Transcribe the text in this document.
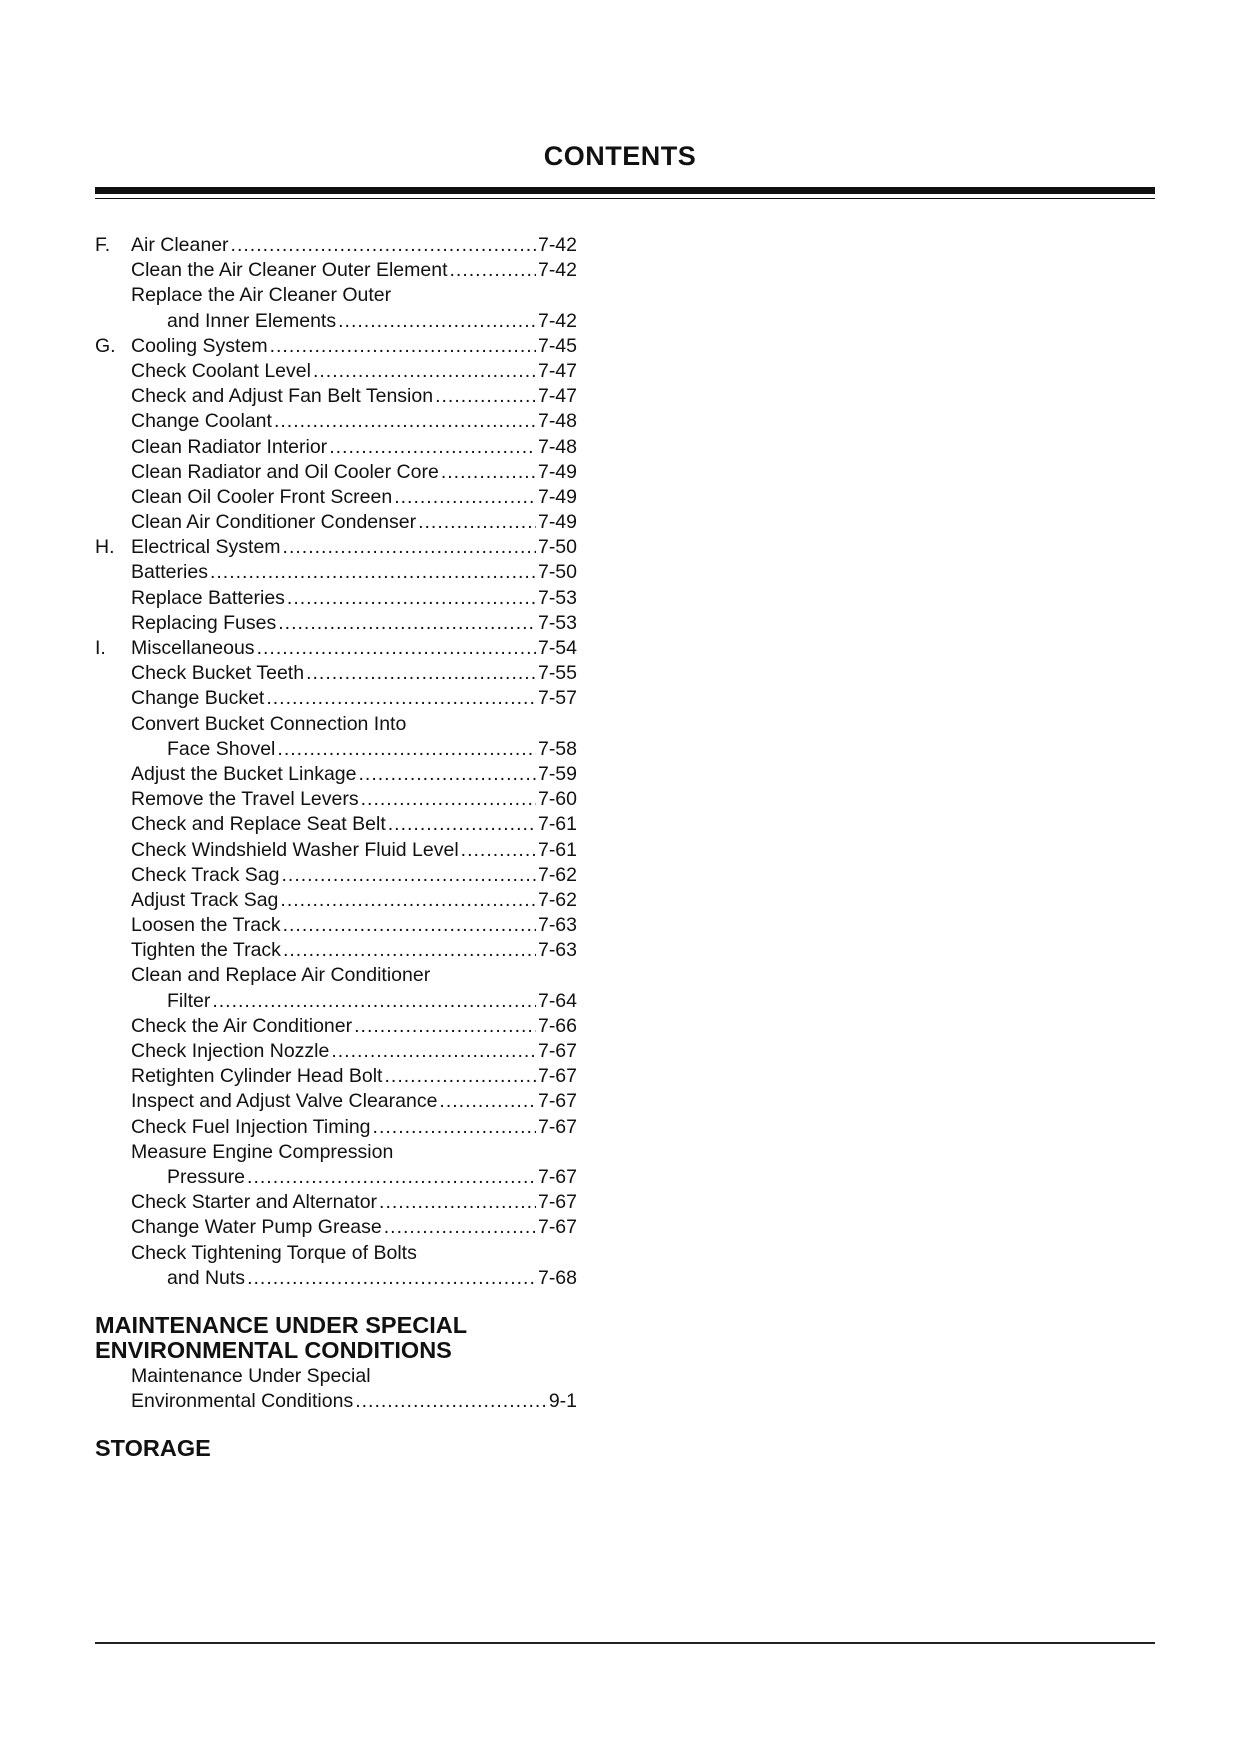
CONTENTS
F.	Air Cleaner .....	7-42
Clean the Air Cleaner Outer Element .....	7-42
Replace the Air Cleaner Outer
and Inner Elements .....	7-42
G. Cooling System .....	7-45
Check Coolant Level .....	7-47
Check and Adjust Fan Belt Tension .....	7-47
Change Coolant .....	7-48
Clean Radiator Interior .....	7-48
Clean Radiator and Oil Cooler Core .....	7-49
Clean Oil Cooler Front Screen .....	7-49
Clean Air Conditioner Condenser .....	7-49
H. Electrical System .....	7-50
Batteries .....	7-50
Replace Batteries .....	7-53
Replacing Fuses .....	7-53
I.	Miscellaneous .....	7-54
Check Bucket Teeth .....	7-55
Change Bucket .....	7-57
Convert Bucket Connection Into
Face Shovel .....	7-58
Adjust the Bucket Linkage .....	7-59
Remove the Travel Levers .....	7-60
Check and Replace Seat Belt .....	7-61
Check Windshield Washer Fluid Level .....	7-61
Check Track Sag .....	7-62
Adjust Track Sag .....	7-62
Loosen the Track .....	7-63
Tighten the Track .....	7-63
Clean and Replace Air Conditioner
Filter .....	7-64
Check the Air Conditioner .....	7-66
Check Injection Nozzle .....	7-67
Retighten Cylinder Head Bolt .....	7-67
Inspect and Adjust Valve Clearance .....	7-67
Check Fuel Injection Timing .....	7-67
Measure Engine Compression
Pressure .....	7-67
Check Starter and Alternator .....	7-67
Change Water Pump Grease .....	7-67
Check Tightening Torque of Bolts
and Nuts .....	7-68
MAINTENANCE UNDER SPECIAL
ENVIRONMENTAL CONDITIONS
Maintenance Under Special
Environmental Conditions .....	9-1
STORAGE
